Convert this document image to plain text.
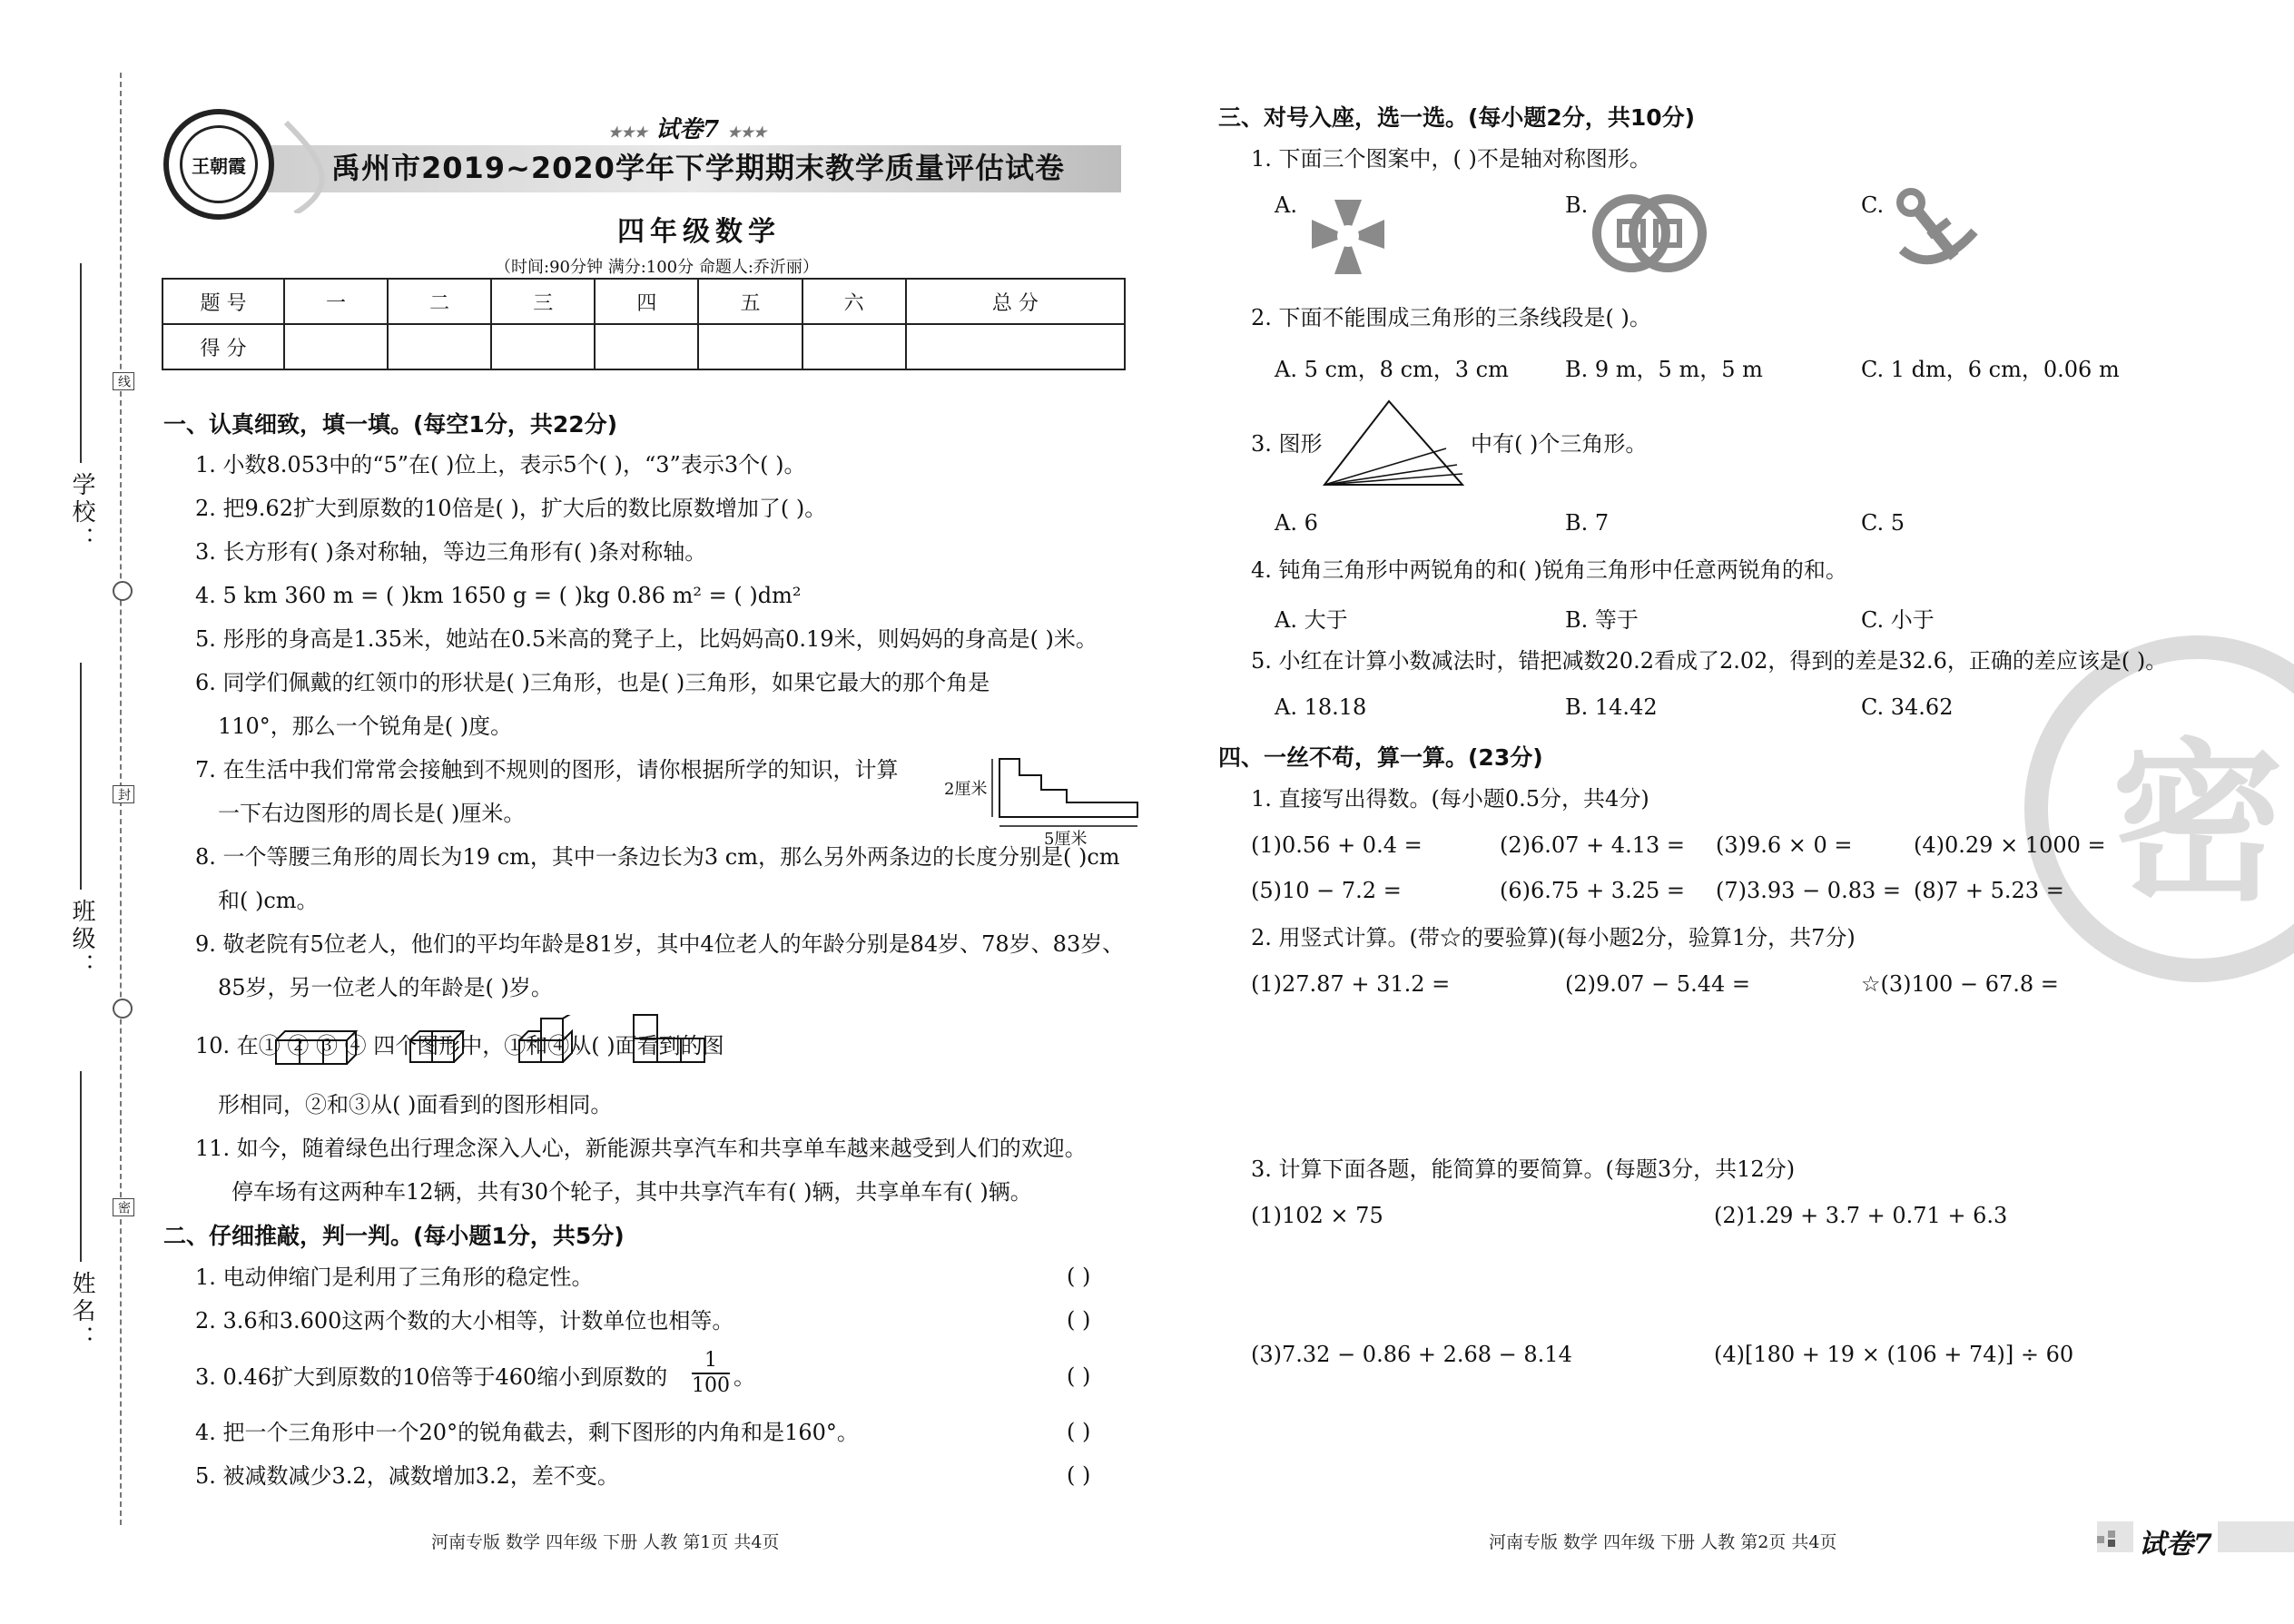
学校：
班级：
姓名：
线
封
密
王朝霞
★★★ 试卷7 ★★★
禹州市2019~2020学年下学期期末教学质量评估试卷
四年级数学
（时间:90分钟 满分:100分 命题人:乔沂丽）
题 号	一	二	三	四	五	六	总 分
得 分							
一、认真细致，填一填。(每空1分，共22分)
1. 小数8.053中的“5”在( )位上，表示5个( )，“3”表示3个( )。
2. 把9.62扩大到原数的10倍是( )，扩大后的数比原数增加了( )。
3. 长方形有( )条对称轴，等边三角形有( )条对称轴。
4. 5 km 360 m = ( )km 1650 g = ( )kg 0.86 m² = ( )dm²
5. 彤彤的身高是1.35米，她站在0.5米高的凳子上，比妈妈高0.19米，则妈妈的身高是( )米。
6. 同学们佩戴的红领巾的形状是( )三角形，也是( )三角形，如果它最大的那个角是
110°，那么一个锐角是( )度。
7. 在生活中我们常常会接触到不规则的图形，请你根据所学的知识，计算
一下右边图形的周长是( )厘米。
2厘米
5厘米
8. 一个等腰三角形的周长为19 cm，其中一条边长为3 cm，那么另外两条边的长度分别是( )cm
和( )cm。
9. 敬老院有5位老人，他们的平均年龄是81岁，其中4位老人的年龄分别是84岁、78岁、83岁、
85岁，另一位老人的年龄是( )岁。
10. 在① ② ③ ④ 四个图形中，①和④从( )面看到的图
形相同，②和③从( )面看到的图形相同。
11. 如今，随着绿色出行理念深入人心，新能源共享汽车和共享单车越来越受到人们的欢迎。
停车场有这两种车12辆，共有30个轮子，其中共享汽车有( )辆，共享单车有( )辆。
二、仔细推敲，判一判。(每小题1分，共5分)
1. 电动伸缩门是利用了三角形的稳定性。
2. 3.6和3.600这两个数的大小相等，计数单位也相等。
3. 0.46扩大到原数的10倍等于460缩小到原数的 $\frac{1}{100}$ 。
4. 把一个三角形中一个20°的锐角截去，剩下图形的内角和是160°。
5. 被减数减少3.2，减数增加3.2，差不变。
( )
( )
( )
( )
( )
河南专版 数学 四年级 下册 人教 第1页 共4页
密
三、对号入座，选一选。(每小题2分，共10分)
1. 下面三个图案中，( )不是轴对称图形。
A.	B.	C.
2. 下面不能围成三角形的三条线段是( )。
A. 5 cm，8 cm，3 cm	B. 9 m，5 m，5 m	C. 1 dm，6 cm，0.06 m
3. 图形	中有( )个三角形。
A. 6	B. 7	C. 5
4. 钝角三角形中两锐角的和( )锐角三角形中任意两锐角的和。
A. 大于	B. 等于	C. 小于
5. 小红在计算小数减法时，错把减数20.2看成了2.02，得到的差是32.6，正确的差应该是( )。
A. 18.18	B. 14.42	C. 34.62
四、一丝不苟，算一算。(23分)
1. 直接写出得数。(每小题0.5分，共4分)
(1)0.56 + 0.4 =	(2)6.07 + 4.13 = (3)9.6 × 0 =	(4)0.29 × 1000 =
(5)10 − 7.2 =	(6)6.75 + 3.25 = (7)3.93 − 0.83 = (8)7 + 5.23 =
2. 用竖式计算。(带☆的要验算)(每小题2分，验算1分，共7分)
(1)27.87 + 31.2 =	(2)9.07 − 5.44 =	☆(3)100 − 67.8 =
3. 计算下面各题，能简算的要简算。(每题3分，共12分)
(1)102 × 75	(2)1.29 + 3.7 + 0.71 + 6.3
(3)7.32 − 0.86 + 2.68 − 8.14	(4)[180 + 19 × (106 + 74)] ÷ 60
河南专版 数学 四年级 下册 人教 第2页 共4页	试卷7
